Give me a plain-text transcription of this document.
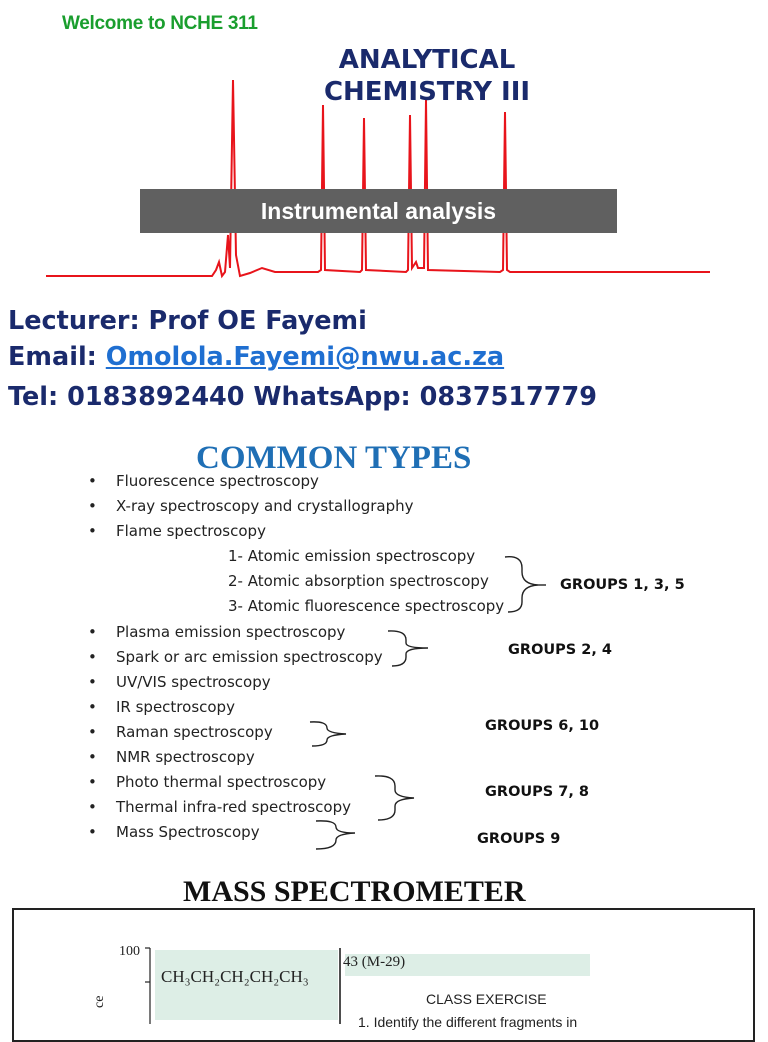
Welcome to NCHE 311
ANALYTICAL
CHEMISTRY III
Instrumental analysis
Lecturer: Prof OE Fayemi
Email: Omolola.Fayemi@nwu.ac.za
Tel: 0183892440 WhatsApp: 0837517779
COMMON TYPES
• Fluorescence spectroscopy
• X-ray spectroscopy and crystallography
• Flame spectroscopy
1- Atomic emission spectroscopy
2- Atomic absorption spectroscopy
3- Atomic fluorescence spectroscopy
• Plasma emission spectroscopy
• Spark or arc emission spectroscopy
• UV/VIS spectroscopy
• IR spectroscopy
• Raman spectroscopy
• NMR spectroscopy
• Photo thermal spectroscopy
• Thermal infra-red spectroscopy
• Mass Spectroscopy
GROUPS 1, 3, 5
GROUPS 2, 4
GROUPS 6, 10
GROUPS 7, 8
GROUPS 9
MASS SPECTROMETER
100
CH₃CH₂CH₂CH₂CH₃
43 (M-29)
CLASS EXERCISE
1. Identify the different fragments in
ce
